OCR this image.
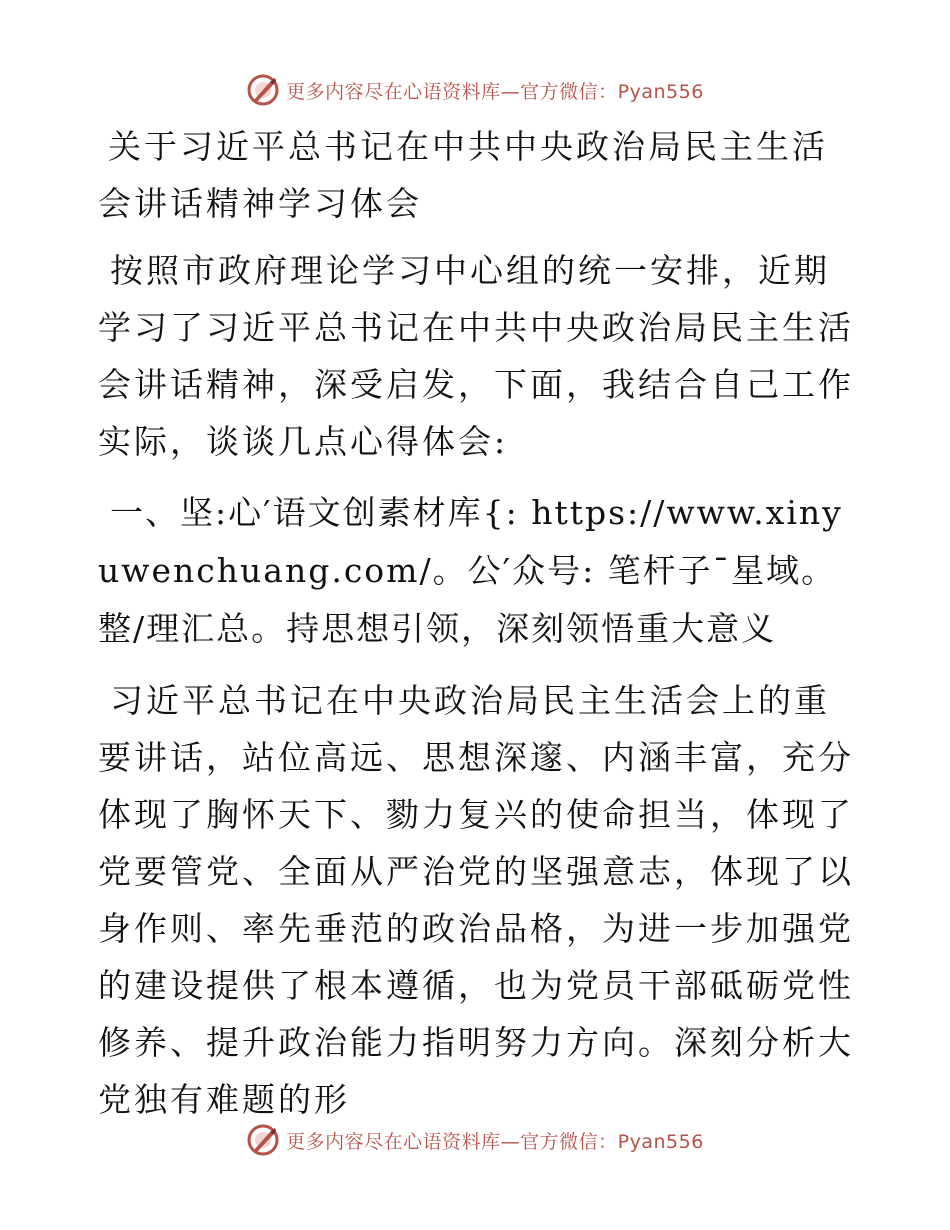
更多内容尽在心语资料库—官方微信：Pyan556

关于习近平总书记在中共中央政治局民主生活会讲话精神学习体会

按照市政府理论学习中心组的统一安排，近期学习了习近平总书记在中共中央政治局民主生活会讲话精神，深受启发，下面，我结合自己工作实际，谈谈几点心得体会:

一、坚:心′语文创素材库{: https://www.xinyuwenchuang.com/。公′众号: 笔杆子¯星域。整/理汇总。持思想引领，深刻领悟重大意义

习近平总书记在中央政治局民主生活会上的重要讲话，站位高远、思想深邃、内涵丰富，充分体现了胸怀天下、勠力复兴的使命担当，体现了党要管党、全面从严治党的坚强意志，体现了以身作则、率先垂范的政治品格，为进一步加强党的建设提供了根本遵循，也为党员干部砥砺党性修养、提升政治能力指明努力方向。深刻分析大党独有难题的形

更多内容尽在心语资料库—官方微信：Pyan556
